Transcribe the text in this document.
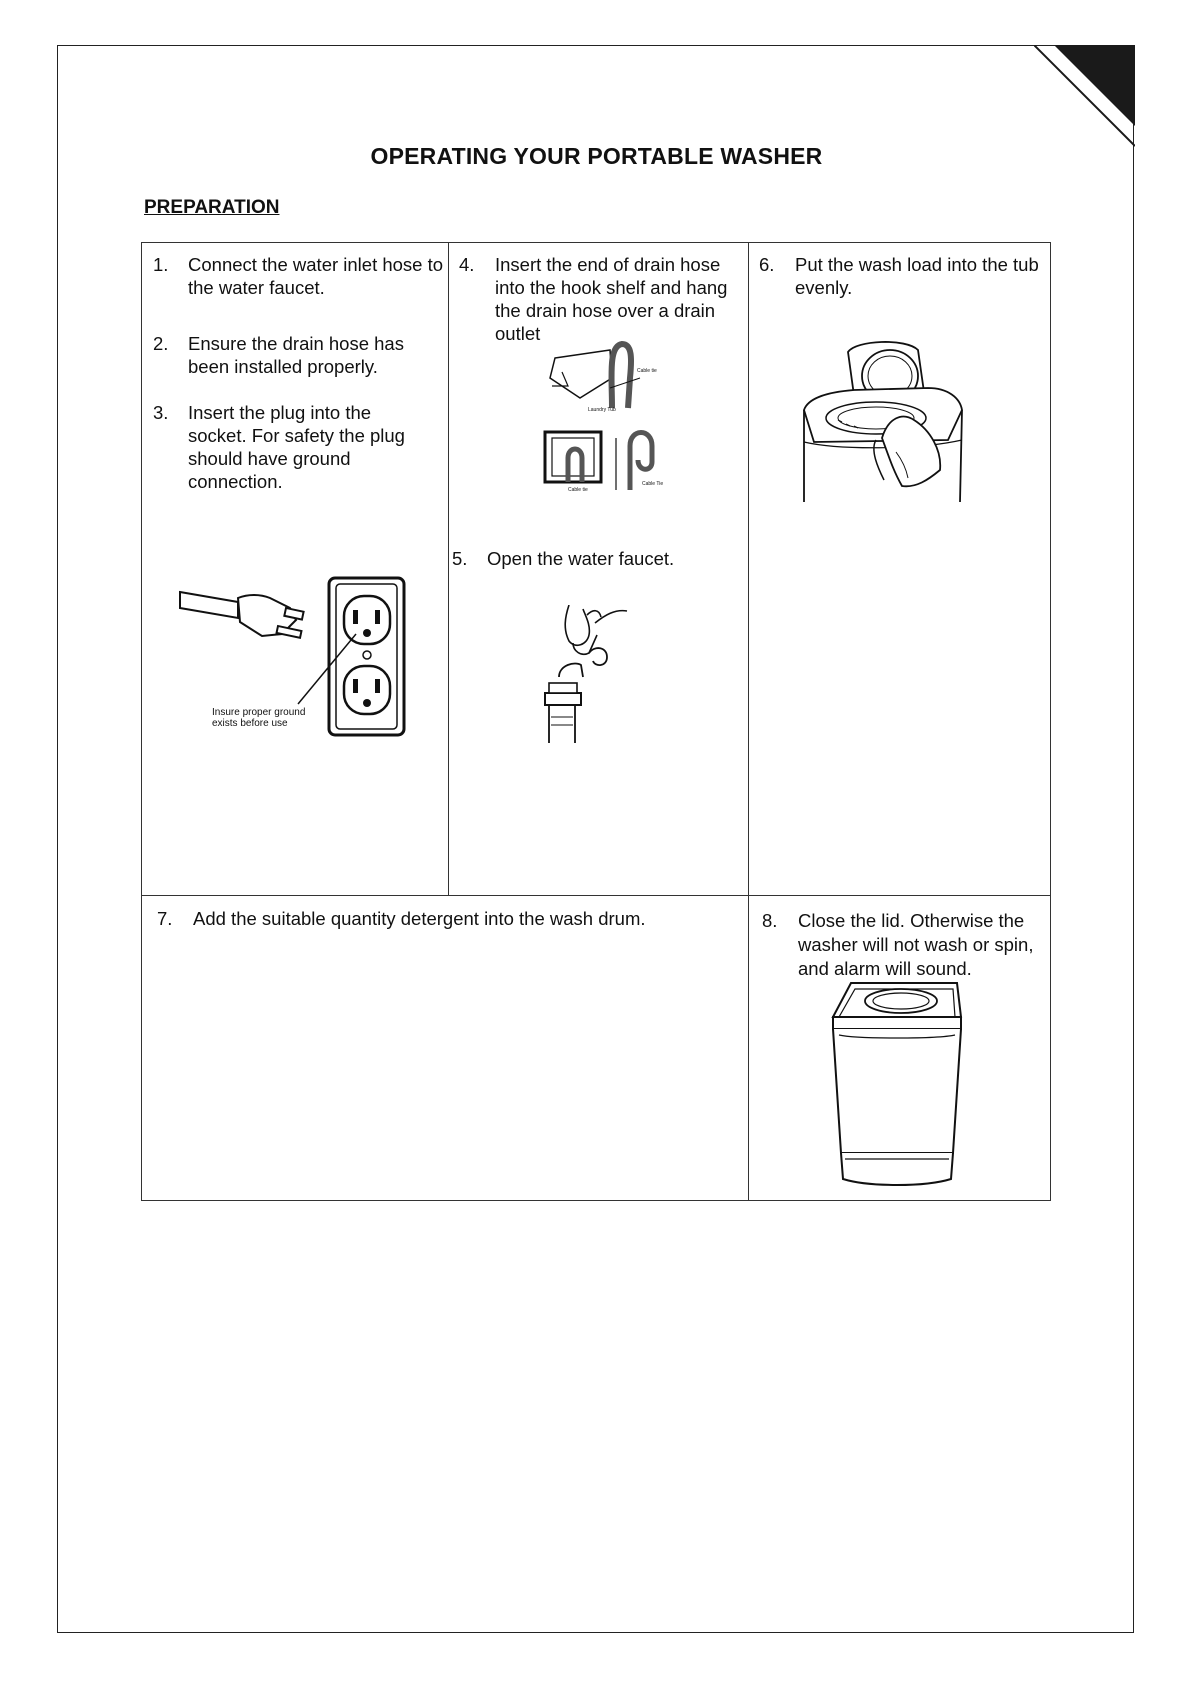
OPERATING YOUR PORTABLE WASHER
PREPARATION
1. Connect the water inlet hose to the water faucet.
2. Ensure the drain hose has been installed properly.
3. Insert the plug into the socket. For safety the plug should have ground connection.
4. Insert the end of drain hose into the hook shelf and hang the drain hose over a drain outlet
5. Open the water faucet.
6. Put the wash load into the tub evenly.
7. Add the suitable quantity detergent into the wash drum.	8. Close the lid. Otherwise the washer will not wash or spin, and alarm will sound.
Insure proper ground
exists before use
Cable tie
Laundry Tub
Cable tie
Cable Tie
